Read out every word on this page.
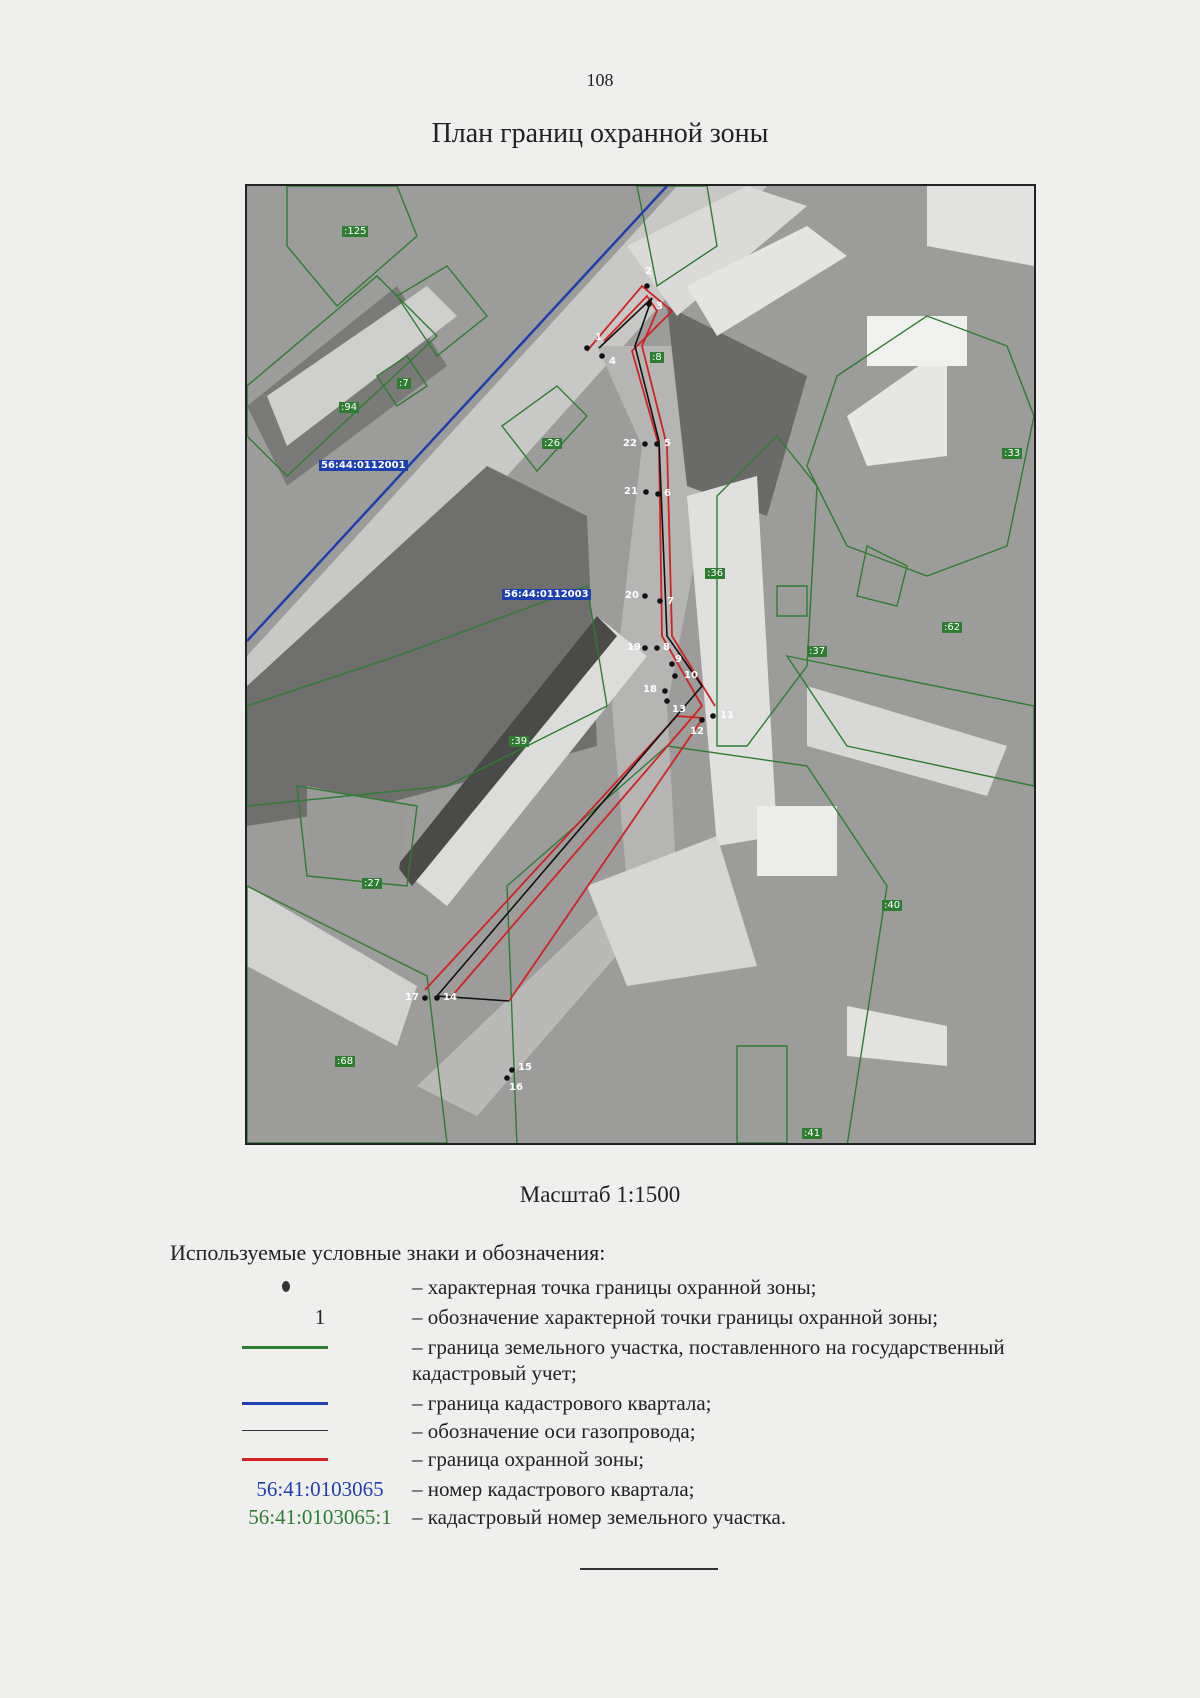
108
План границ охранной зоны
1
2
3
4
5
6
7
8
9
10
11
12
13
14
15
16
17
18
19
20
21
22
:125
:94
:7
:8
:26
:33
:36
:37
:62
:39
:27
:40
:68
:41
56:44:0112001
56:44:0112003
Масштаб 1:1500
Используемые условные знаки и обозначения:
– характерная точка границы охранной зоны;
1	– обозначение характерной точки границы охранной зоны;
– граница земельного участка, поставленного на государственный кадастровый учет;
– граница кадастрового квартала;
– обозначение оси газопровода;
– граница охранной зоны;
56:41:0103065	– номер кадастрового квартала;
56:41:0103065:1 – кадастровый номер земельного участка.
